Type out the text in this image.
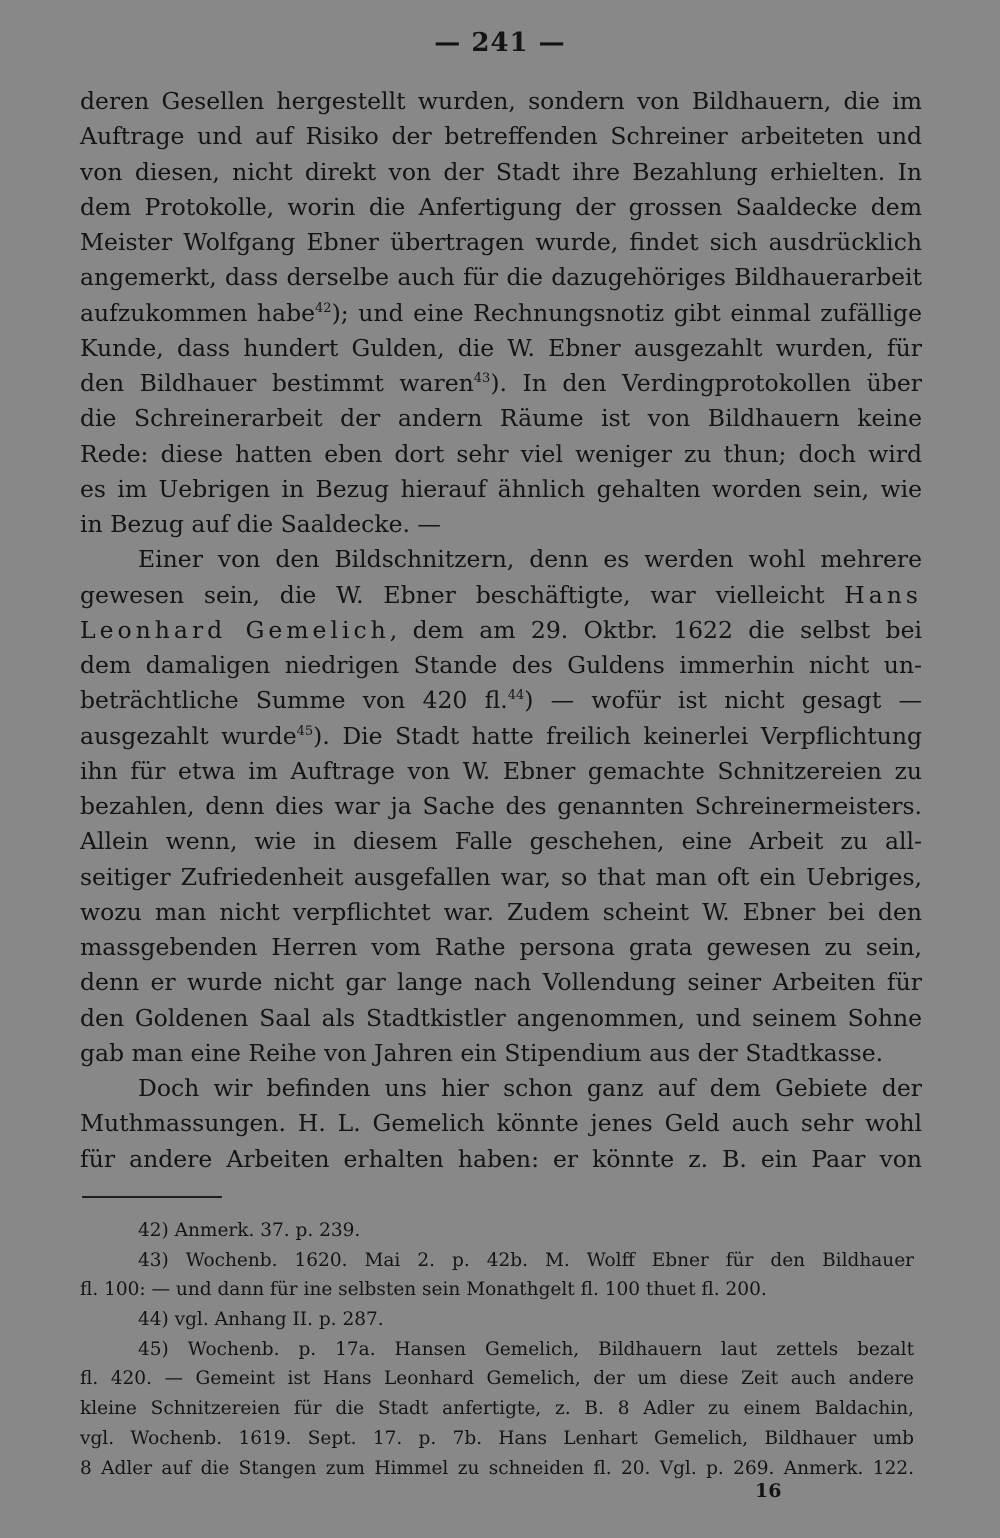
— 241 —
deren Gesellen hergestellt wurden, sondern von Bildhauern, die im
Auftrage und auf Risiko der betreffenden Schreiner arbeiteten und
von diesen, nicht direkt von der Stadt ihre Bezahlung erhielten. In
dem Protokolle, worin die Anfertigung der grossen Saaldecke dem
Meister Wolfgang Ebner übertragen wurde, findet sich ausdrücklich
angemerkt, dass derselbe auch für die dazugehöriges Bildhauerarbeit
aufzukommen habe$^{42}$); und eine Rechnungsnotiz gibt einmal zufällige
Kunde, dass hundert Gulden, die W. Ebner ausgezahlt wurden, für
den Bildhauer bestimmt waren$^{43}$). In den Verdingprotokollen über
die Schreinerarbeit der andern Räume ist von Bildhauern keine
Rede: diese hatten eben dort sehr viel weniger zu thun; doch wird
es im Uebrigen in Bezug hierauf ähnlich gehalten worden sein, wie
in Bezug auf die Saaldecke. —
Einer von den Bildschnitzern, denn es werden wohl mehrere
gewesen sein, die W. Ebner beschäftigte, war vielleicht Hans
Leonhard Gemelich, dem am 29. Oktbr. 1622 die selbst bei
dem damaligen niedrigen Stande des Guldens immerhin nicht un-
beträchtliche Summe von 420 fl.$^{44}$) — wofür ist nicht gesagt —
ausgezahlt wurde$^{45}$). Die Stadt hatte freilich keinerlei Verpflichtung
ihn für etwa im Auftrage von W. Ebner gemachte Schnitzereien zu
bezahlen, denn dies war ja Sache des genannten Schreinermeisters.
Allein wenn, wie in diesem Falle geschehen, eine Arbeit zu all-
seitiger Zufriedenheit ausgefallen war, so that man oft ein Uebriges,
wozu man nicht verpflichtet war. Zudem scheint W. Ebner bei den
massgebenden Herren vom Rathe persona grata gewesen zu sein,
denn er wurde nicht gar lange nach Vollendung seiner Arbeiten für
den Goldenen Saal als Stadtkistler angenommen, und seinem Sohne
gab man eine Reihe von Jahren ein Stipendium aus der Stadtkasse.
Doch wir befinden uns hier schon ganz auf dem Gebiete der
Muthmassungen. H. L. Gemelich könnte jenes Geld auch sehr wohl
für andere Arbeiten erhalten haben: er könnte z. B. ein Paar von
42) Anmerk. 37. p. 239.
43) Wochenb. 1620. Mai 2. p. 42b. M. Wolff Ebner für den Bildhauer
fl. 100: — und dann für ine selbsten sein Monathgelt fl. 100 thuet fl. 200.
44) vgl. Anhang II. p. 287.
45) Wochenb. p. 17a. Hansen Gemelich, Bildhauern laut zettels bezalt
fl. 420. — Gemeint ist Hans Leonhard Gemelich, der um diese Zeit auch andere
kleine Schnitzereien für die Stadt anfertigte, z. B. 8 Adler zu einem Baldachin,
vgl. Wochenb. 1619. Sept. 17. p. 7b. Hans Lenhart Gemelich, Bildhauer umb
8 Adler auf die Stangen zum Himmel zu schneiden fl. 20. Vgl. p. 269. Anmerk. 122.
16
